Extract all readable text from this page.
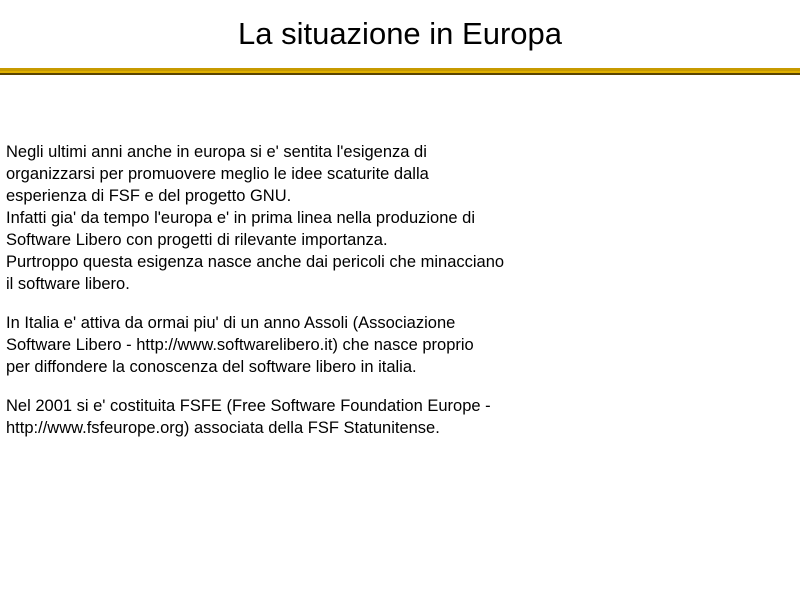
La situazione in Europa

Negli ultimi anni anche in europa si e' sentita l'esigenza di
organizzarsi per promuovere meglio le idee scaturite dalla
esperienza di FSF e del progetto GNU.
Infatti gia' da tempo l'europa e' in prima linea nella produzione di
Software Libero con progetti di rilevante importanza.
Purtroppo questa esigenza nasce anche dai pericoli che minacciano
il software libero.

In Italia e' attiva da ormai piu' di un anno Assoli (Associazione
Software Libero - http://www.softwarelibero.it) che nasce proprio
per diffondere la conoscenza del software libero in italia.

Nel 2001 si e' costituita FSFE (Free Software Foundation Europe -
http://www.fsfeurope.org) associata della FSF Statunitense.
